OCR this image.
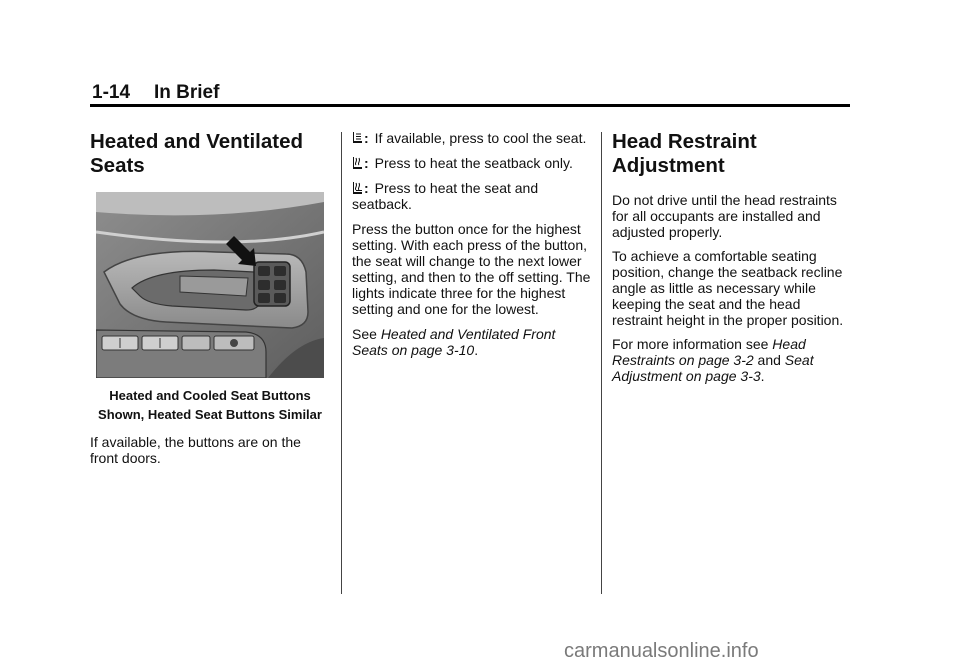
1-14 In Brief
Heated and Ventilated Seats
Heated and Cooled Seat Buttons Shown, Heated Seat Buttons Similar

If available, the buttons are on the front doors.

: If available, press to cool the seat.

: Press to heat the seatback only.

: Press to heat the seat and seatback.

Press the button once for the highest setting. With each press of the button, the seat will change to the next lower setting, and then to the off setting. The lights indicate three for the highest setting and one for the lowest.

See Heated and Ventilated Front Seats on page 3-10.

Head Restraint Adjustment

Do not drive until the head restraints for all occupants are installed and adjusted properly.

To achieve a comfortable seating position, change the seatback recline angle as little as necessary while keeping the seat and the head restraint height in the proper position.

For more information see Head Restraints on page 3-2 and Seat Adjustment on page 3-3.

carmanualsonline.info
